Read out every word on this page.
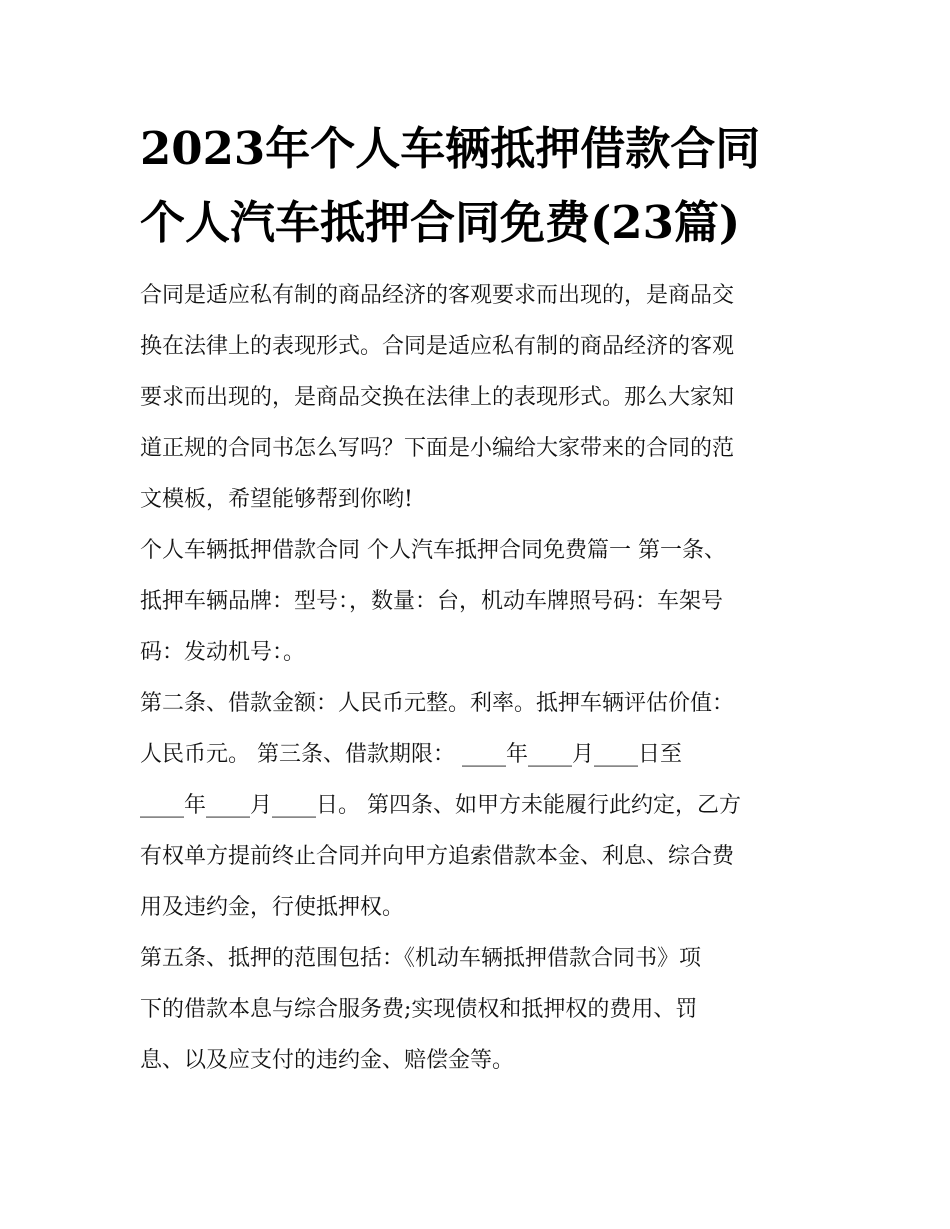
2023年个人车辆抵押借款合同
个人汽车抵押合同免费(23篇)
合同是适应私有制的商品经济的客观要求而出现的，是商品交
换在法律上的表现形式。合同是适应私有制的商品经济的客观
要求而出现的，是商品交换在法律上的表现形式。那么大家知
道正规的合同书怎么写吗？下面是小编给大家带来的合同的范
文模板，希望能够帮到你哟!
个人车辆抵押借款合同 个人汽车抵押合同免费篇一 第一条、
抵押车辆品牌：型号：，数量：台，机动车牌照号码：车架号
码：发动机号：。
第二条、借款金额：人民币元整。利率。抵押车辆评估价值：
人民币元。 第三条、借款期限： ____年____月____日至
____年____月____日。 第四条、如甲方未能履行此约定，乙方
有权单方提前终止合同并向甲方追索借款本金、利息、综合费
用及违约金，行使抵押权。
第五条、抵押的范围包括：《机动车辆抵押借款合同书》项
下的借款本息与综合服务费;实现债权和抵押权的费用、罚
息、以及应支付的违约金、赔偿金等。
